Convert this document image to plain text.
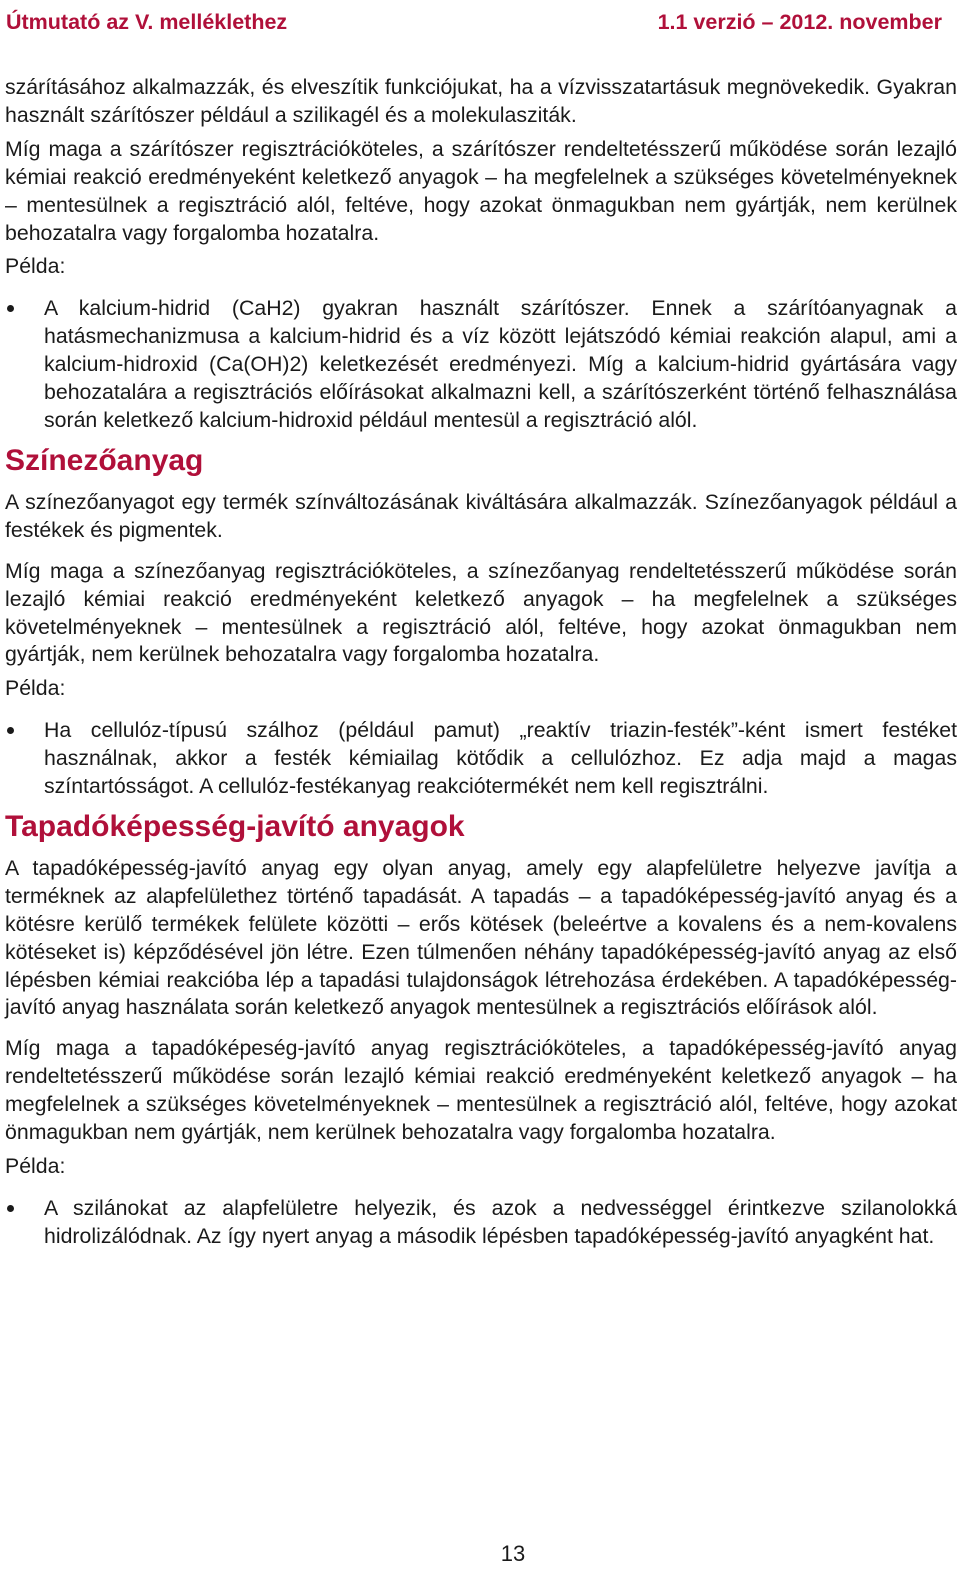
Útmutató az V. melléklethez	1.1 verzió – 2012. november

szárításához alkalmazzák, és elveszítik funkciójukat, ha a vízvisszatartásuk megnövekedik. Gyakran használt szárítószer például a szilikagél és a molekulasziták.

Míg maga a szárítószer regisztrációköteles, a szárítószer rendeltetésszerű működése során lezajló kémiai reakció eredményeként keletkező anyagok – ha megfelelnek a szükséges követelményeknek – mentesülnek a regisztráció alól, feltéve, hogy azokat önmagukban nem gyártják, nem kerülnek behozatalra vagy forgalomba hozatalra.

Példa:
A kalcium-hidrid (CaH2) gyakran használt szárítószer. Ennek a szárítóanyagnak a hatásmechanizmusa a kalcium-hidrid és a víz között lejátszódó kémiai reakción alapul, ami a kalcium-hidroxid (Ca(OH)2) keletkezését eredményezi. Míg a kalcium-hidrid gyártására vagy behozatalára a regisztrációs előírásokat alkalmazni kell, a szárítószerként történő felhasználása során keletkező kalcium-hidroxid például mentesül a regisztráció alól.
Színezőanyag

A színezőanyagot egy termék színváltozásának kiváltására alkalmazzák. Színezőanyagok például a festékek és pigmentek.

Míg maga a színezőanyag regisztrációköteles, a színezőanyag rendeltetésszerű működése során lezajló kémiai reakció eredményeként keletkező anyagok – ha megfelelnek a szükséges követelményeknek – mentesülnek a regisztráció alól, feltéve, hogy azokat önmagukban nem gyártják, nem kerülnek behozatalra vagy forgalomba hozatalra.

Példa:
Ha cellulóz-típusú szálhoz (például pamut) „reaktív triazin-festék”-ként ismert festéket használnak, akkor a festék kémiailag kötődik a cellulózhoz. Ez adja majd a magas színtartósságot. A cellulóz-festékanyag reakciótermékét nem kell regisztrálni.
Tapadóképesség-javító anyagok

A tapadóképesség-javító anyag egy olyan anyag, amely egy alapfelületre helyezve javítja a terméknek az alapfelülethez történő tapadását. A tapadás – a tapadóképesség-javító anyag és a kötésre kerülő termékek felülete közötti – erős kötések (beleértve a kovalens és a nem-kovalens kötéseket is) képződésével jön létre. Ezen túlmenően néhány tapadóképesség-javító anyag az első lépésben kémiai reakcióba lép a tapadási tulajdonságok létrehozása érdekében. A tapadóképesség-javító anyag használata során keletkező anyagok mentesülnek a regisztrációs előírások alól.

Míg maga a tapadóképeség-javító anyag regisztrációköteles, a tapadóképesség-javító anyag rendeltetésszerű működése során lezajló kémiai reakció eredményeként keletkező anyagok – ha megfelelnek a szükséges követelményeknek – mentesülnek a regisztráció alól, feltéve, hogy azokat önmagukban nem gyártják, nem kerülnek behozatalra vagy forgalomba hozatalra.

Példa:
A szilánokat az alapfelületre helyezik, és azok a nedvességgel érintkezve szilanolokká hidrolizálódnak. Az így nyert anyag a második lépésben tapadóképesség-javító anyagként hat.
13
